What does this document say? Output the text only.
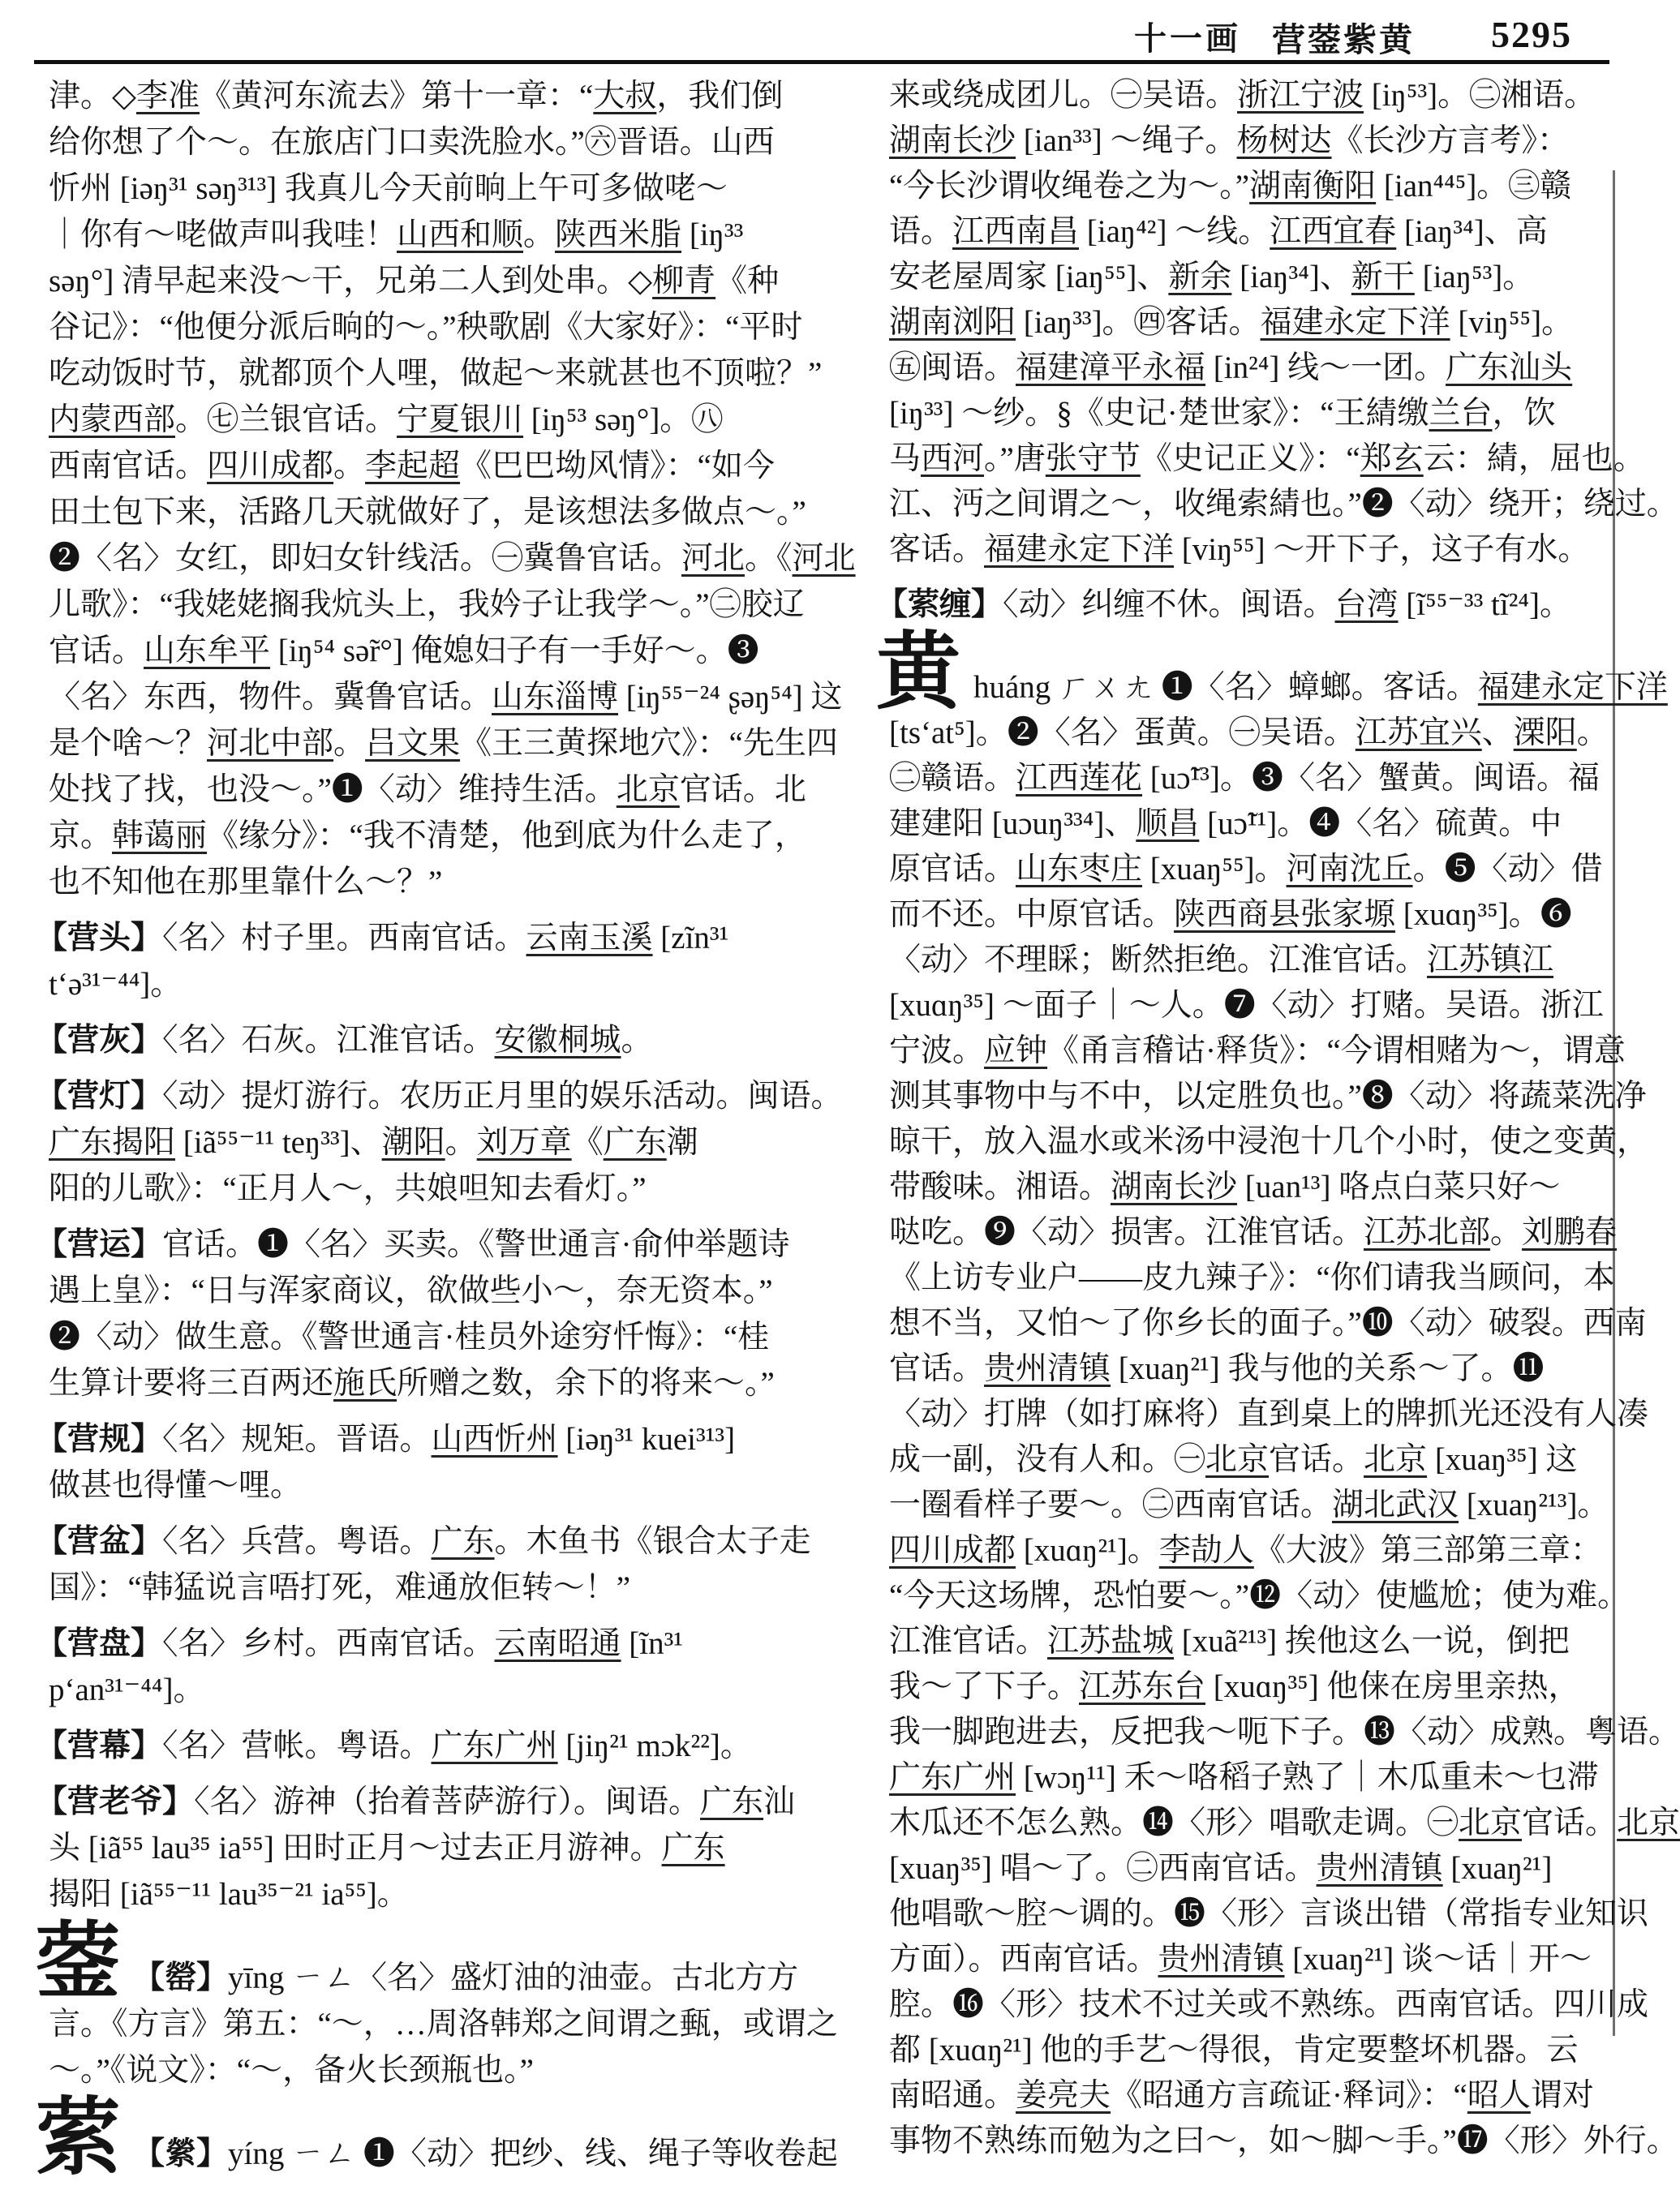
十一画 营蓥紫黄 5295
津。◇李准《黄河东流去》第十一章：“大叔，我们倒
给你想了个～。在旅店门口卖洗脸水。”㊅晋语。山西
忻州 [iəŋ³¹ səŋ³¹³] 我真儿今天前晌上午可多做咾～
｜你有～咾做声叫我哇！山西和顺。陕西米脂 [iŋ³³
səŋ°] 清早起来没～干，兄弟二人到处串。◇柳青《种
谷记》：“他便分派后晌的～。”秧歌剧《大家好》：“平时
吃动饭时节，就都顶个人哩，做起～来就甚也不顶啦？”
内蒙西部。㊆兰银官话。宁夏银川 [iŋ⁵³ səŋ°]。㊇
西南官话。四川成都。李起超《巴巴坳风情》：“如今
田土包下来，活路几天就做好了，是该想法多做点～。”
❷〈名〉女红，即妇女针线活。㊀冀鲁官话。河北。《河北
儿歌》：“我姥姥搁我炕头上，我妗子让我学～。”㊁胶辽
官话。山东牟平 [iŋ⁵⁴ sə̃r°] 俺媳妇子有一手好～。❸
〈名〉东西，物件。冀鲁官话。山东淄博 [iŋ⁵⁵⁻²⁴ ʂəŋ⁵⁴] 这
是个啥～？河北中部。吕文果《王三黄探地穴》：“先生四
处找了找，也没～。”❶〈动〉维持生活。北京官话。北
京。韩蔼丽《缘分》：“我不清楚，他到底为什么走了，
也不知他在那里靠什么～？”
【营头】〈名〉村子里。西南官话。云南玉溪 [zĩn³¹
tʻə³¹⁻⁴⁴]。
【营灰】〈名〉石灰。江淮官话。安徽桐城。
【营灯】〈动〉提灯游行。农历正月里的娱乐活动。闽语。
广东揭阳 [iã⁵⁵⁻¹¹ teŋ³³]、潮阳。刘万章《广东潮
阳的儿歌》：“正月人～，共娘呾知去看灯。”
【营运】官话。❶〈名〉买卖。《警世通言·俞仲举题诗
遇上皇》：“日与浑家商议，欲做些小～，奈无资本。”
❷〈动〉做生意。《警世通言·桂员外途穷忏悔》：“桂
生算计要将三百两还施氏所赠之数，余下的将来～。”
【营规】〈名〉规矩。晋语。山西忻州 [iəŋ³¹ kuei³¹³]
做甚也得懂～哩。
【营盆】〈名〉兵营。粤语。广东。木鱼书《银合太子走
国》：“韩猛说言唔打死，难通放佢转～！”
【营盘】〈名〉乡村。西南官话。云南昭通 [ĩn³¹
pʻan³¹⁻⁴⁴]。
【营幕】〈名〉营帐。粤语。广东广州 [jiŋ²¹ mɔk²²]。
【营老爷】〈名〉游神（抬着菩萨游行）。闽语。广东汕
头 [iã⁵⁵ lau³⁵ ia⁵⁵] 田时正月～过去正月游神。广东
揭阳 [iã⁵⁵⁻¹¹ lau³⁵⁻²¹ ia⁵⁵]。
蓥 【罃】yīng ㄧㄥ〈名〉盛灯油的油壶。古北方方
言。《方言》第五：“～，…周洛韩郑之间谓之甀，或谓之
～。”《说文》：“～，备火长颈瓶也。”
萦 【縈】yíng ㄧㄥ ❶〈动〉把纱、线、绳子等收卷起
来或绕成团儿。㊀吴语。浙江宁波 [iŋ⁵³]。㊁湘语。
湖南长沙 [ian³³] ～绳子。杨树达《长沙方言考》：
“今长沙谓收绳卷之为～。”湖南衡阳 [ian⁴⁴⁵]。㊂赣
语。江西南昌 [iaŋ⁴²] ～线。江西宜春 [iaŋ³⁴]、高
安老屋周家 [iaŋ⁵⁵]、新余 [iaŋ³⁴]、新干 [iaŋ⁵³]。
湖南浏阳 [iaŋ³³]。㊃客话。福建永定下洋 [viŋ⁵⁵]。
㊄闽语。福建漳平永福 [in²⁴] 线～一团。广东汕头
[iŋ³³] ～纱。§《史记·楚世家》：“王綪缴兰台，饮
马西河。”唐张守节《史记正义》：“郑玄云：綪，屈也。
江、沔之间谓之～，收绳索綪也。”❷〈动〉绕开；绕过。
客话。福建永定下洋 [viŋ⁵⁵] ～开下子，这子有水。
【萦缠】〈动〉纠缠不休。闽语。台湾 [ĩ⁵⁵⁻³³ tĩ²⁴]。
黄 huáng ㄏㄨㄤ ❶〈名〉蟑螂。客话。福建永定下洋
[tsʻat⁵]。❷〈名〉蛋黄。㊀吴语。江苏宜兴、溧阳。
㊁赣语。江西莲花 [uɔ̃¹³]。❸〈名〉蟹黄。闽语。福
建建阳 [uɔuŋ³³⁴]、顺昌 [uɔ̃¹¹]。❹〈名〉硫黄。中
原官话。山东枣庄 [xuaŋ⁵⁵]。河南沈丘。❺〈动〉借
而不还。中原官话。陕西商县张家塬 [xuɑŋ³⁵]。❻
〈动〉不理睬；断然拒绝。江淮官话。江苏镇江
[xuɑŋ³⁵] ～面子｜～人。❼〈动〉打赌。吴语。浙江
宁波。应钟《甬言稽诂·释货》：“今谓相赌为～，谓意
测其事物中与不中，以定胜负也。”❽〈动〉将蔬菜洗净
晾干，放入温水或米汤中浸泡十几个小时，使之变黄，
带酸味。湘语。湖南长沙 [uan¹³] 咯点白菜只好～
哒吃。❾〈动〉损害。江淮官话。江苏北部。刘鹏春
《上访专业户——皮九辣子》：“你们请我当顾问，本
想不当，又怕～了你乡长的面子。”❿〈动〉破裂。西南
官话。贵州清镇 [xuaŋ²¹] 我与他的关系～了。⓫
〈动〉打牌（如打麻将）直到桌上的牌抓光还没有人凑
成一副，没有人和。㊀北京官话。北京 [xuaŋ³⁵] 这
一圈看样子要～。㊁西南官话。湖北武汉 [xuaŋ²¹³]。
四川成都 [xuɑŋ²¹]。李劼人《大波》第三部第三章：
“今天这场牌，恐怕要～。”⓬〈动〉使尴尬；使为难。
江淮官话。江苏盐城 [xuã²¹³] 挨他这么一说，倒把
我～了下子。江苏东台 [xuɑŋ³⁵] 他俫在房里亲热，
我一脚跑进去，反把我～呃下子。⓭〈动〉成熟。粤语。
广东广州 [wɔŋ¹¹] 禾～咯稻子熟了｜木瓜重未～乜滞
木瓜还不怎么熟。⓮〈形〉唱歌走调。㊀北京官话。北京
[xuaŋ³⁵] 唱～了。㊁西南官话。贵州清镇 [xuaŋ²¹]
他唱歌～腔～调的。⓯〈形〉言谈出错（常指专业知识
方面）。西南官话。贵州清镇 [xuaŋ²¹] 谈～话｜开～
腔。⓰〈形〉技术不过关或不熟练。西南官话。四川成
都 [xuɑŋ²¹] 他的手艺～得很，肯定要整坏机器。云
南昭通。姜亮夫《昭通方言疏证·释词》：“昭人谓对
事物不熟练而勉为之曰～，如～脚～手。”⓱〈形〉外行。
